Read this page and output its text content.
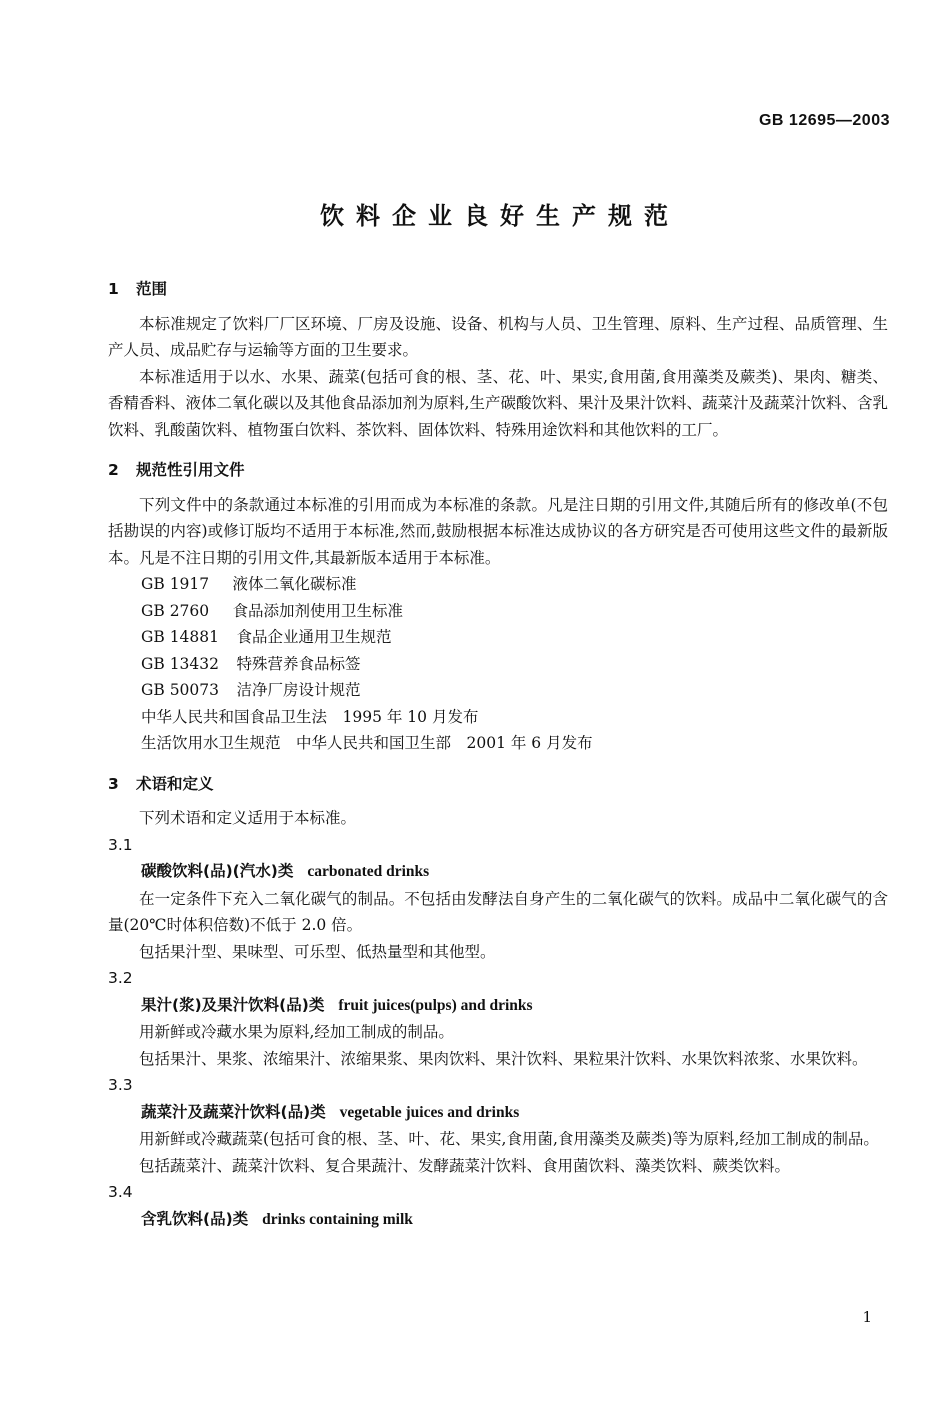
GB 12695—2003
饮料企业良好生产规范
1 范围

本标准规定了饮料厂厂区环境、厂房及设施、设备、机构与人员、卫生管理、原料、生产过程、品质管理、生产人员、成品贮存与运输等方面的卫生要求。

本标准适用于以水、水果、蔬菜(包括可食的根、茎、花、叶、果实,食用菌,食用藻类及蕨类)、果肉、糖类、香精香料、液体二氧化碳以及其他食品添加剂为原料,生产碳酸饮料、果汁及果汁饮料、蔬菜汁及蔬菜汁饮料、含乳饮料、乳酸菌饮料、植物蛋白饮料、茶饮料、固体饮料、特殊用途饮料和其他饮料的工厂。

2 规范性引用文件

下列文件中的条款通过本标准的引用而成为本标准的条款。凡是注日期的引用文件,其随后所有的修改单(不包括勘误的内容)或修订版均不适用于本标准,然而,鼓励根据本标准达成协议的各方研究是否可使用这些文件的最新版本。凡是不注日期的引用文件,其最新版本适用于本标准。

GB 1917　 液体二氧化碳标准
GB 2760　 食品添加剂使用卫生标准
GB 14881　 食品企业通用卫生规范
GB 13432　 特殊营养食品标签
GB 50073　 洁净厂房设计规范
中华人民共和国食品卫生法　1995 年 10 月发布
生活饮用水卫生规范　中华人民共和国卫生部　2001 年 6 月发布
3 术语和定义

下列术语和定义适用于本标准。

3.1

碳酸饮料(品)(汽水)类 carbonated drinks

在一定条件下充入二氧化碳气的制品。不包括由发酵法自身产生的二氧化碳气的饮料。成品中二氧化碳气的含量(20℃时体积倍数)不低于 2.0 倍。

包括果汁型、果味型、可乐型、低热量型和其他型。

3.2

果汁(浆)及果汁饮料(品)类 fruit juices(pulps) and drinks

用新鲜或冷藏水果为原料,经加工制成的制品。

包括果汁、果浆、浓缩果汁、浓缩果浆、果肉饮料、果汁饮料、果粒果汁饮料、水果饮料浓浆、水果饮料。

3.3

蔬菜汁及蔬菜汁饮料(品)类 vegetable juices and drinks

用新鲜或冷藏蔬菜(包括可食的根、茎、叶、花、果实,食用菌,食用藻类及蕨类)等为原料,经加工制成的制品。

包括蔬菜汁、蔬菜汁饮料、复合果蔬汁、发酵蔬菜汁饮料、食用菌饮料、藻类饮料、蕨类饮料。

3.4

含乳饮料(品)类 drinks containing milk

1
